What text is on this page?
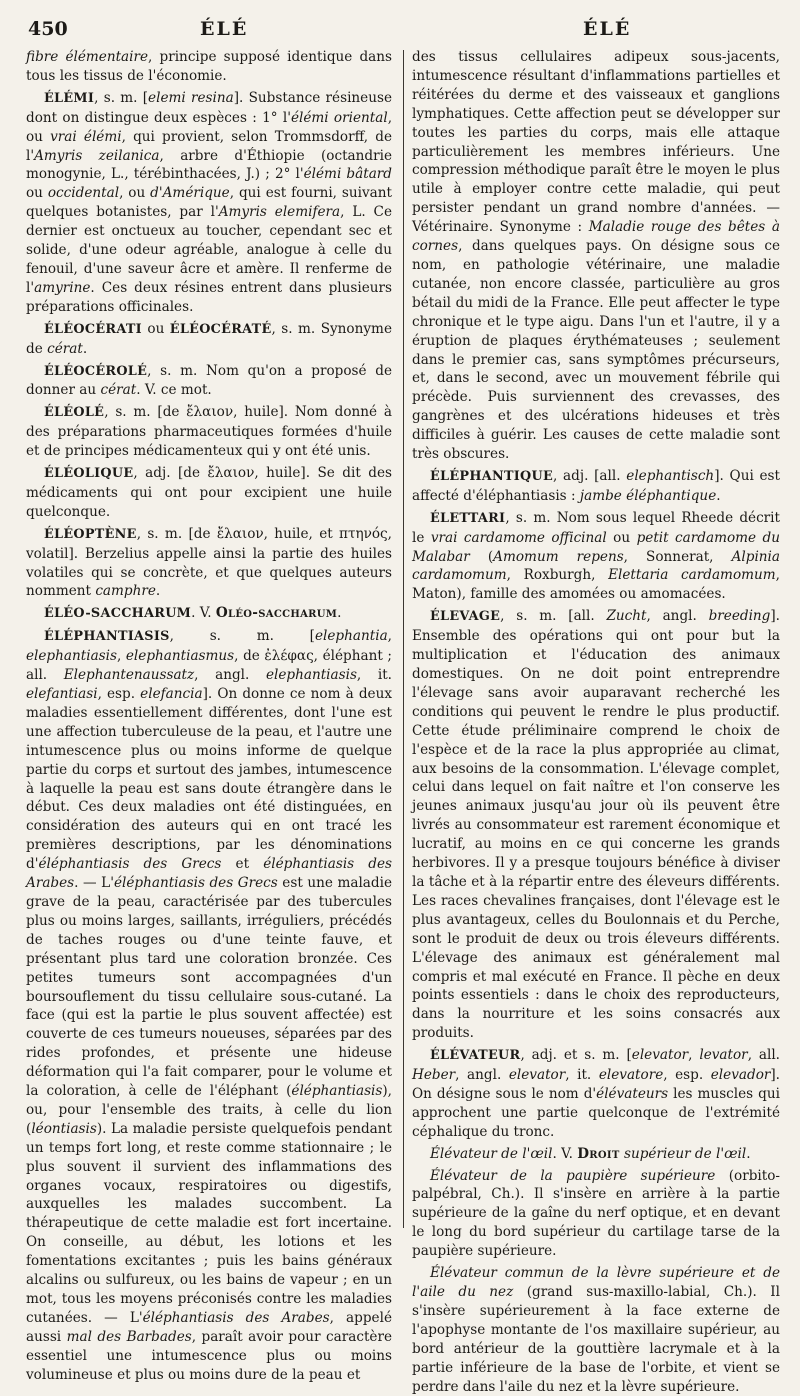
450	ÉLÉ	ÉLÉ

fibre élémentaire, principe supposé identique dans tous les tissus de l'économie.

ÉLÉMI, s. m. [elemi resina]. Substance résineuse dont on distingue deux espèces : 1° l'élémi oriental, ou vrai élémi, qui provient, selon Trommsdorff, de l'Amyris zeilanica, arbre d'Éthiopie (octandrie monogynie, L., térébinthacées, J.) ; 2° l'élémi bâtard ou occidental, ou d'Amérique, qui est fourni, suivant quelques botanistes, par l'Amyris elemifera, L. Ce dernier est onctueux au toucher, cependant sec et solide, d'une odeur agréable, analogue à celle du fenouil, d'une saveur âcre et amère. Il renferme de l'amyrine. Ces deux résines entrent dans plusieurs préparations officinales.

ÉLÉOCÉRATI ou ÉLÉOCÉRATÉ, s. m. Synonyme de cérat.

ÉLÉOCÉROLÉ, s. m. Nom qu'on a proposé de donner au cérat. V. ce mot.

ÉLÉOLÉ, s. m. [de ἔλαιον, huile]. Nom donné à des préparations pharmaceutiques formées d'huile et de principes médicamenteux qui y ont été unis.

ÉLÉOLIQUE, adj. [de ἔλαιον, huile]. Se dit des médicaments qui ont pour excipient une huile quelconque.

ÉLÉOPTÈNE, s. m. [de ἔλαιον, huile, et πτηνός, volatil]. Berzelius appelle ainsi la partie des huiles volatiles qui se concrète, et que quelques auteurs nomment camphre.

ÉLÉO-SACCHARUM. V. Oléo-saccharum.

ÉLÉPHANTIASIS, s. m. [elephantia, elephantiasis, elephantiasmus, de ἐλέφας, éléphant ; all. Elephantenaussatz, angl. elephantiasis, it. elefantiasi, esp. elefancia]. On donne ce nom à deux maladies essentiellement différentes, dont l'une est une affection tuberculeuse de la peau, et l'autre une intumescence plus ou moins informe de quelque partie du corps et surtout des jambes, intumescence à laquelle la peau est sans doute étrangère dans le début. Ces deux maladies ont été distinguées, en considération des auteurs qui en ont tracé les premières descriptions, par les dénominations d'éléphantiasis des Grecs et éléphantiasis des Arabes. — L'éléphantiasis des Grecs est une maladie grave de la peau, caractérisée par des tubercules plus ou moins larges, saillants, irréguliers, précédés de taches rouges ou d'une teinte fauve, et présentant plus tard une coloration bronzée. Ces petites tumeurs sont accompagnées d'un boursouflement du tissu cellulaire sous-cutané. La face (qui est la partie le plus souvent affectée) est couverte de ces tumeurs noueuses, séparées par des rides profondes, et présente une hideuse déformation qui l'a fait comparer, pour le volume et la coloration, à celle de l'éléphant (éléphantiasis), ou, pour l'ensemble des traits, à celle du lion (léontiasis). La maladie persiste quelquefois pendant un temps fort long, et reste comme stationnaire ; le plus souvent il survient des inflammations des organes vocaux, respiratoires ou digestifs, auxquelles les malades succombent. La thérapeutique de cette maladie est fort incertaine. On conseille, au début, les lotions et les fomentations excitantes ; puis les bains généraux alcalins ou sulfureux, ou les bains de vapeur ; en un mot, tous les moyens préconisés contre les maladies cutanées. — L'éléphantiasis des Arabes, appelé aussi mal des Barbades, paraît avoir pour caractère essentiel une intumescence plus ou moins volumineuse et plus ou moins dure de la peau et

des tissus cellulaires adipeux sous-jacents, intumescence résultant d'inflammations partielles et réitérées du derme et des vaisseaux et ganglions lymphatiques. Cette affection peut se développer sur toutes les parties du corps, mais elle attaque particulièrement les membres inférieurs. Une compression méthodique paraît être le moyen le plus utile à employer contre cette maladie, qui peut persister pendant un grand nombre d'années. — Vétérinaire. Synonyme : Maladie rouge des bêtes à cornes, dans quelques pays. On désigne sous ce nom, en pathologie vétérinaire, une maladie cutanée, non encore classée, particulière au gros bétail du midi de la France. Elle peut affecter le type chronique et le type aigu. Dans l'un et l'autre, il y a éruption de plaques érythémateuses ; seulement dans le premier cas, sans symptômes précurseurs, et, dans le second, avec un mouvement fébrile qui précède. Puis surviennent des crevasses, des gangrènes et des ulcérations hideuses et très difficiles à guérir. Les causes de cette maladie sont très obscures.

ÉLÉPHANTIQUE, adj. [all. elephantisch]. Qui est affecté d'éléphantiasis : jambe éléphantique.

ÉLETTARI, s. m. Nom sous lequel Rheede décrit le vrai cardamome officinal ou petit cardamome du Malabar (Amomum repens, Sonnerat, Alpinia cardamomum, Roxburgh, Elettaria cardamomum, Maton), famille des amomées ou amomacées.

ÉLEVAGE, s. m. [all. Zucht, angl. breeding]. Ensemble des opérations qui ont pour but la multiplication et l'éducation des animaux domestiques. On ne doit point entreprendre l'élevage sans avoir auparavant recherché les conditions qui peuvent le rendre le plus productif. Cette étude préliminaire comprend le choix de l'espèce et de la race la plus appropriée au climat, aux besoins de la consommation. L'élevage complet, celui dans lequel on fait naître et l'on conserve les jeunes animaux jusqu'au jour où ils peuvent être livrés au consommateur est rarement économique et lucratif, au moins en ce qui concerne les grands herbivores. Il y a presque toujours bénéfice à diviser la tâche et à la répartir entre des éleveurs différents. Les races chevalines françaises, dont l'élevage est le plus avantageux, celles du Boulonnais et du Perche, sont le produit de deux ou trois éleveurs différents. L'élevage des animaux est généralement mal compris et mal exécuté en France. Il pèche en deux points essentiels : dans le choix des reproducteurs, dans la nourriture et les soins consacrés aux produits.

ÉLÉVATEUR, adj. et s. m. [elevator, levator, all. Heber, angl. elevator, it. elevatore, esp. elevador]. On désigne sous le nom d'élévateurs les muscles qui approchent une partie quelconque de l'extrémité céphalique du tronc.

Élévateur de l'œil. V. Droit supérieur de l'œil.

Élévateur de la paupière supérieure (orbito-palpébral, Ch.). Il s'insère en arrière à la partie supérieure de la gaîne du nerf optique, et en devant le long du bord supérieur du cartilage tarse de la paupière supérieure.

Élévateur commun de la lèvre supérieure et de l'aile du nez (grand sus-maxillo-labial, Ch.). Il s'insère supérieurement à la face externe de l'apophyse montante de l'os maxillaire supérieur, au bord antérieur de la gouttière lacrymale et à la partie inférieure de la base de l'orbite, et vient se perdre dans l'aile du nez et la lèvre supérieure.
